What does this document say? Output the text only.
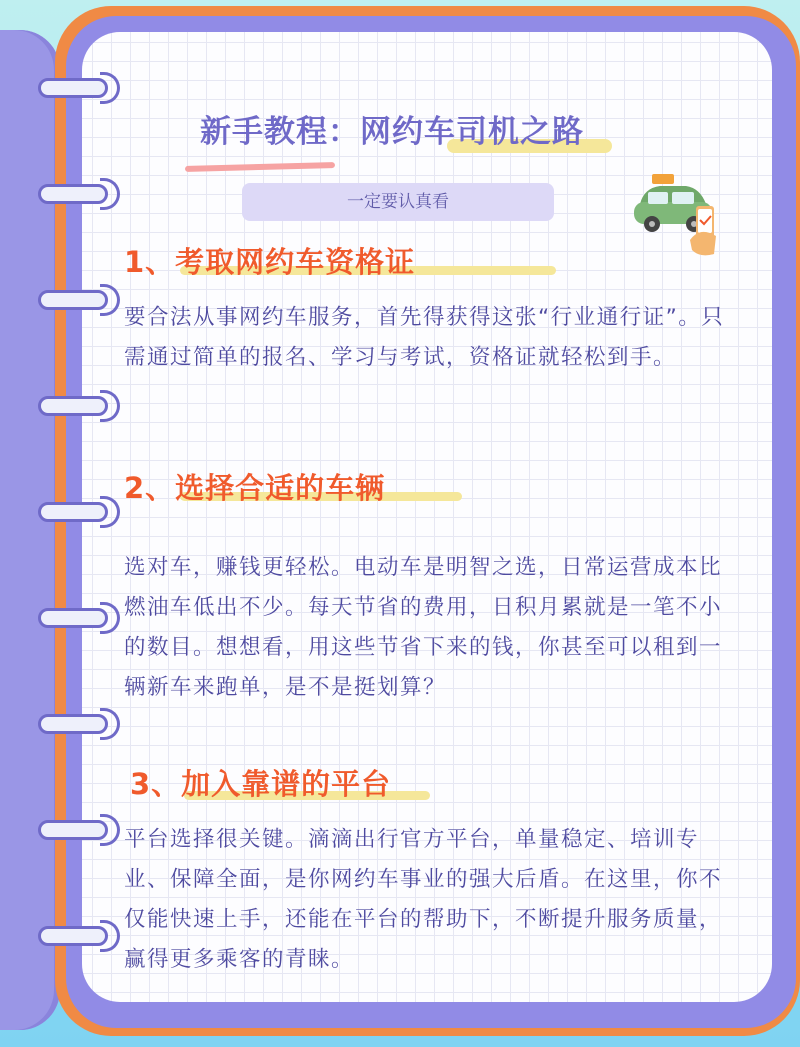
新手教程：网约车司机之路

一定要认真看

1、考取网约车资格证

要合法从事网约车服务，首先得获得这张“行业通行证”。只需通过简单的报名、学习与考试，资格证就轻松到手。

2、选择合适的车辆

选对车，赚钱更轻松。电动车是明智之选，日常运营成本比燃油车低出不少。每天节省的费用，日积月累就是一笔不小的数目。想想看，用这些节省下来的钱，你甚至可以租到一辆新车来跑单，是不是挺划算？

3、加入靠谱的平台

平台选择很关键。滴滴出行官方平台，单量稳定、培训专业、保障全面，是你网约车事业的强大后盾。在这里，你不仅能快速上手，还能在平台的帮助下，不断提升服务质量，赢得更多乘客的青睐。
